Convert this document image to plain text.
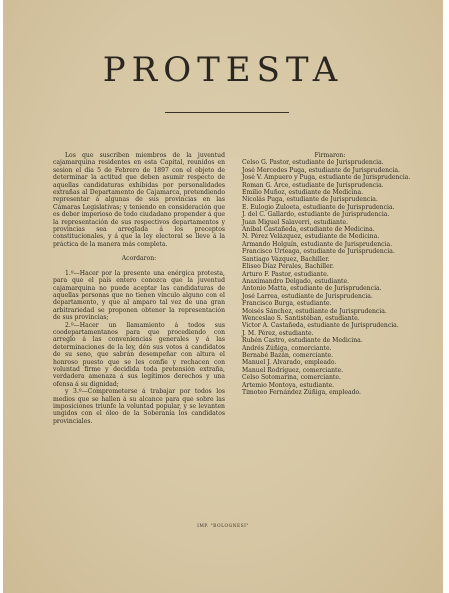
PROTESTA

Los que suscriben miembros de la juventud cajamarquina residentes en esta Capital, reunidos en sesion el dia 5 de Febrero de 1897 con el objeto de determinar la actitud que deben asumir respecto de aquellas candidaturas exhibidas por personalidades extrañas al Departamento de Cajamarca, pretendiendo representar á algunas de sus provincias en las Cámaras Legislativas; y teniendo en consideración que es deber imperioso de todo ciudadano propender á que la representación de sus respectivos departamentos y provincias sea arreglada á los preceptos constitucionales, y á que la ley electoral se lleve á la práctica de la manera más completa.

Acordaron:

1.º—Hacer por la presente una enérgica protesta, para que el país entero conozca que la juventud cajamarquina no puede aceptar las candidaturas de aquellas personas que no tienen vínculo alguno con el departamento, y que al amparo tal vez de una gran arbitrariedad se proponen obtener la representación de sus provincias;

2.º—Hacer un llamamiento á todos sus coodepartamentanos para que procediendo con arreglo á las conveniencias generales y á las determinaciones de la ley, dén sus votos á candidatos de su seno, que sabrán desempeñar con altura el honroso puesto que se les confíe y rechacen con voluntad firme y decidida toda pretensión extraña, verdadera amenaza á sus legítimos derechos y una ofensa á su dignidad;

y 3.º—Comprometerse á trabajar por todos los medios que se hallen á su alcance para que sobre las imposiciones triunfe la voluntad popular, y se levanten ungidos con el óleo de la Soberanía los candidatos provinciales.

Firmaron:

Celso G. Pastor, estudiante de Jurisprudencia.

José Mercedes Puga, estudiante de Jurisprudencia.

José V. Ampuero y Puga, estudiante de Jurisprudencia.

Roman G. Arce, estudiante de Jurisprudencia.

Emilio Muñoz, estudiante de Medicina.

Nicolás Puga, estudiante de Jurisprudencia.

E. Eulogio Zuloeta, estudiante de Jurisprudencia.

J. del C. Gallardo, estudiante de Jurisprudencia.

Juan Miguel Salaverri, estudiante.

Aníbal Castañeda, estudiante de Medicina.

N. Pérez Velázquez, estudiante de Medicina.

Armando Holguín, estudiante de Jurisprudencia.

Francisco Urteaga, estudiante de Jurisprudencia.

Santiago Vázquez, Bachiller.

Eliseo Díaz Perales, Bachiller.

Arturo F. Pastor, estudiante.

Anaximandro Delgado, estudiante.

Antonio Matta, estudiante de Jurisprudencia.

José Larrea, estudiante de Jurisprudencia.

Francisco Burga, estudiante.

Moisés Sánchez, estudiante de Jurisprudencia.

Wenceslao S. Santistéban, estudiante.

Victor A. Castañeda, estudiante de Jurisprudencia.

J. M. Pérez, estudiante.

Rubén Castro, estudiante de Medicina.

Andrés Zúñiga, comerciante.

Bernabé Bazán, comerciante.

Manuel J. Alvarado, empleado.

Manuel Rodríguez, comerciante.

Celso Sotomarina, comerciante.

Artemio Montoya, estudiante.

Timoteo Fernández Zúñiga, empleado.

IMP. "BOLOGNESI"
